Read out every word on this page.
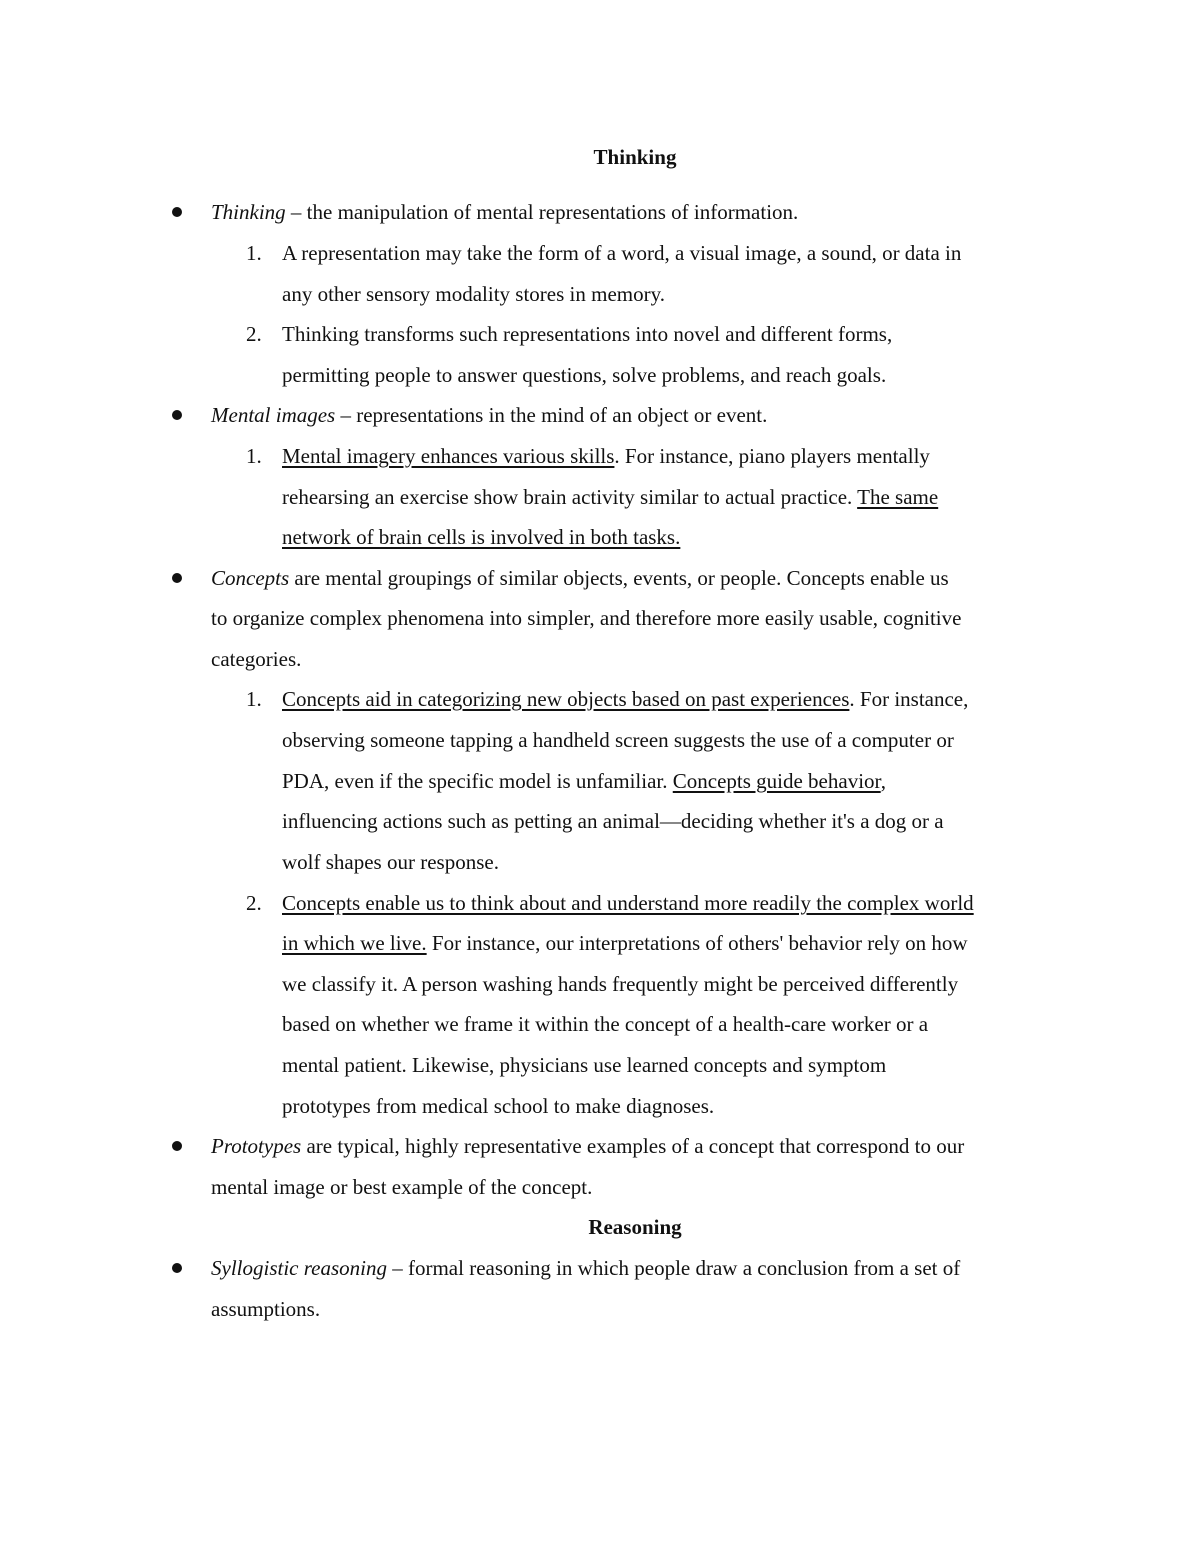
Thinking
Thinking – the manipulation of mental representations of information.
1. A representation may take the form of a word, a visual image, a sound, or data in
any other sensory modality stores in memory.
2. Thinking transforms such representations into novel and different forms,
permitting people to answer questions, solve problems, and reach goals.
Mental images – representations in the mind of an object or event.
1. Mental imagery enhances various skills. For instance, piano players mentally
rehearsing an exercise show brain activity similar to actual practice. The same
network of brain cells is involved in both tasks.
Concepts are mental groupings of similar objects, events, or people. Concepts enable us
to organize complex phenomena into simpler, and therefore more easily usable, cognitive
categories.
1. Concepts aid in categorizing new objects based on past experiences. For instance,
observing someone tapping a handheld screen suggests the use of a computer or
PDA, even if the specific model is unfamiliar. Concepts guide behavior,
influencing actions such as petting an animal—deciding whether it's a dog or a
wolf shapes our response.
2. Concepts enable us to think about and understand more readily the complex world
in which we live. For instance, our interpretations of others' behavior rely on how
we classify it. A person washing hands frequently might be perceived differently
based on whether we frame it within the concept of a health-care worker or a
mental patient. Likewise, physicians use learned concepts and symptom
prototypes from medical school to make diagnoses.
Prototypes are typical, highly representative examples of a concept that correspond to our
mental image or best example of the concept.
Reasoning
Syllogistic reasoning – formal reasoning in which people draw a conclusion from a set of
assumptions.
